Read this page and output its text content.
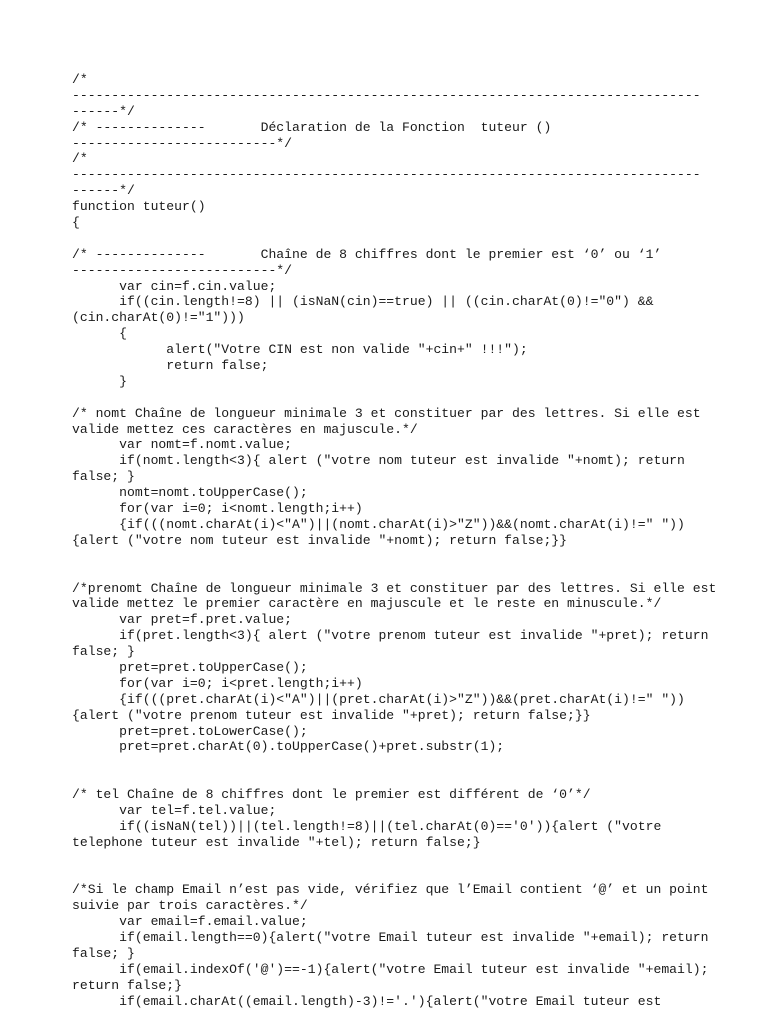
/*
--------------------------------------------------------------------------------
------*/
/* --------------       Déclaration de la Fonction  tuteur ()
--------------------------*/
/*
--------------------------------------------------------------------------------
------*/
function tuteur()
{
/* --------------       Chaîne de 8 chiffres dont le premier est ‘0’ ou ‘1’
--------------------------*/
var cin=f.cin.value;
if((cin.length!=8) || (isNaN(cin)==true) || ((cin.charAt(0)!="0") &&
(cin.charAt(0)!="1")))
{
alert("Votre CIN est non valide "+cin+" !!!");
return false;
}
/* nomt Chaîne de longueur minimale 3 et constituer par des lettres. Si elle est
valide mettez ces caractères en majuscule.*/
var nomt=f.nomt.value;
if(nomt.length<3){ alert ("votre nom tuteur est invalide "+nomt); return
false; }
nomt=nomt.toUpperCase();
for(var i=0; i<nomt.length;i++)
{if(((nomt.charAt(i)<"A")||(nomt.charAt(i)>"Z"))&&(nomt.charAt(i)!=" "))
{alert ("votre nom tuteur est invalide "+nomt); return false;}}
/*prenomt Chaîne de longueur minimale 3 et constituer par des lettres. Si elle est
valide mettez le premier caractère en majuscule et le reste en minuscule.*/
var pret=f.pret.value;
if(pret.length<3){ alert ("votre prenom tuteur est invalide "+pret); return
false; }
pret=pret.toUpperCase();
for(var i=0; i<pret.length;i++)
{if(((pret.charAt(i)<"A")||(pret.charAt(i)>"Z"))&&(pret.charAt(i)!=" "))
{alert ("votre prenom tuteur est invalide "+pret); return false;}}
pret=pret.toLowerCase();
pret=pret.charAt(0).toUpperCase()+pret.substr(1);
/* tel Chaîne de 8 chiffres dont le premier est différent de ‘0’*/
var tel=f.tel.value;
if((isNaN(tel))||(tel.length!=8)||(tel.charAt(0)=='0')){alert ("votre
telephone tuteur est invalide "+tel); return false;}
/*Si le champ Email n’est pas vide, vérifiez que l’Email contient ‘@’ et un point
suivie par trois caractères.*/
var email=f.email.value;
if(email.length==0){alert("votre Email tuteur est invalide "+email); return
false; }
if(email.indexOf('@')==-1){alert("votre Email tuteur est invalide "+email);
return false;}
if(email.charAt((email.length)-3)!='.'){alert("votre Email tuteur est
